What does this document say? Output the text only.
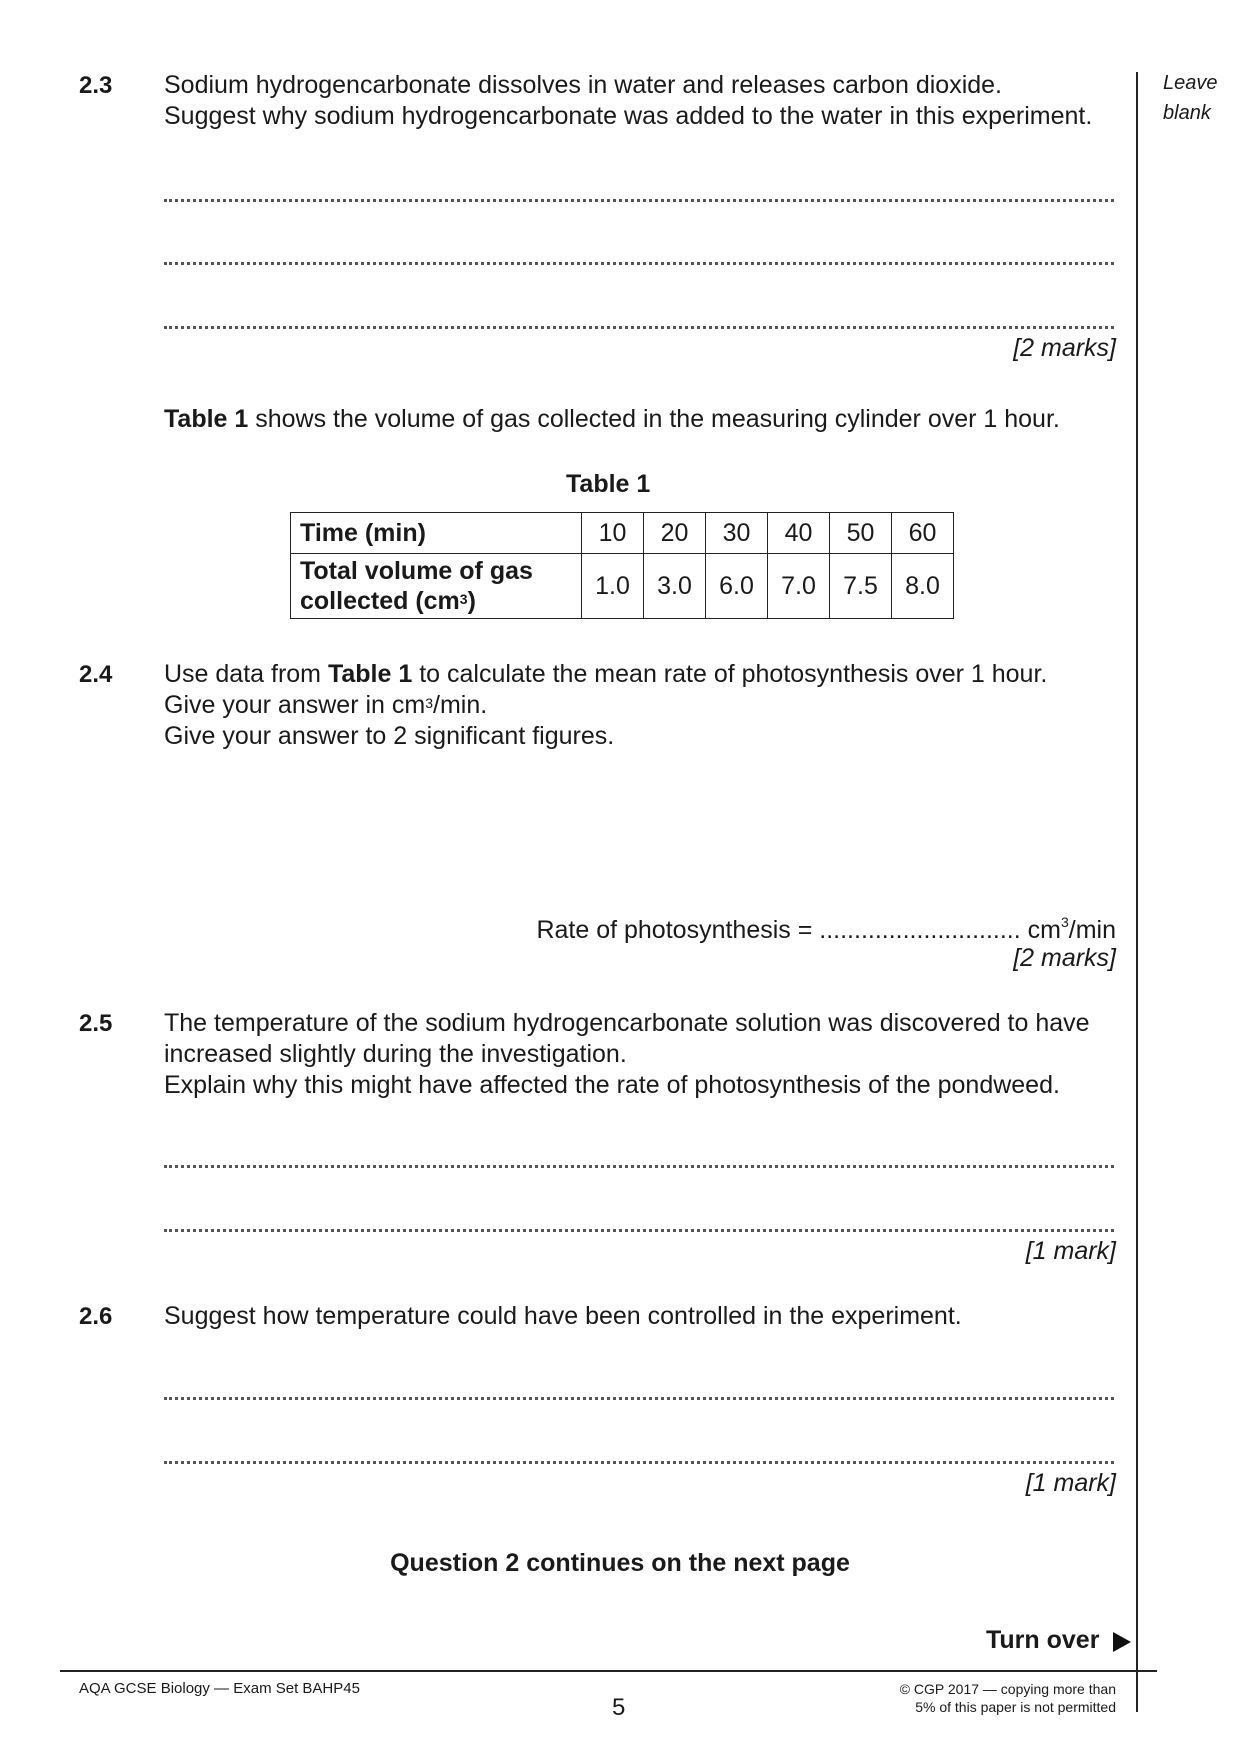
Leave
blank
2.3 Sodium hydrogencarbonate dissolves in water and releases carbon dioxide.
Suggest why sodium hydrogencarbonate was added to the water in this experiment.
[2 marks]
Table 1 shows the volume of gas collected in the measuring cylinder over 1 hour.
Table 1
Time (min)	10	20	30	40	50	60

Total volume of gas
collected $(cm^3)$	1.0	3.0	6.0	7.0	7.5	8.0
2.4 Use data from Table 1 to calculate the mean rate of photosynthesis over 1 hour.
Give your answer in $cm^3/\min$.
Give your answer to 2 significant figures.
Rate of photosynthesis = ............................. $cm^3/\min$
[2 marks]
2.5 The temperature of the sodium hydrogencarbonate solution was discovered to have
increased slightly during the investigation.
Explain why this might have affected the rate of photosynthesis of the pondweed.
[1 mark]
2.6 Suggest how temperature could have been controlled in the experiment.
[1 mark]
Question 2 continues on the next page
Turn over
AQA GCSE Biology — Exam Set BAHP45
5
© CGP 2017 — copying more than
5% of this paper is not permitted
